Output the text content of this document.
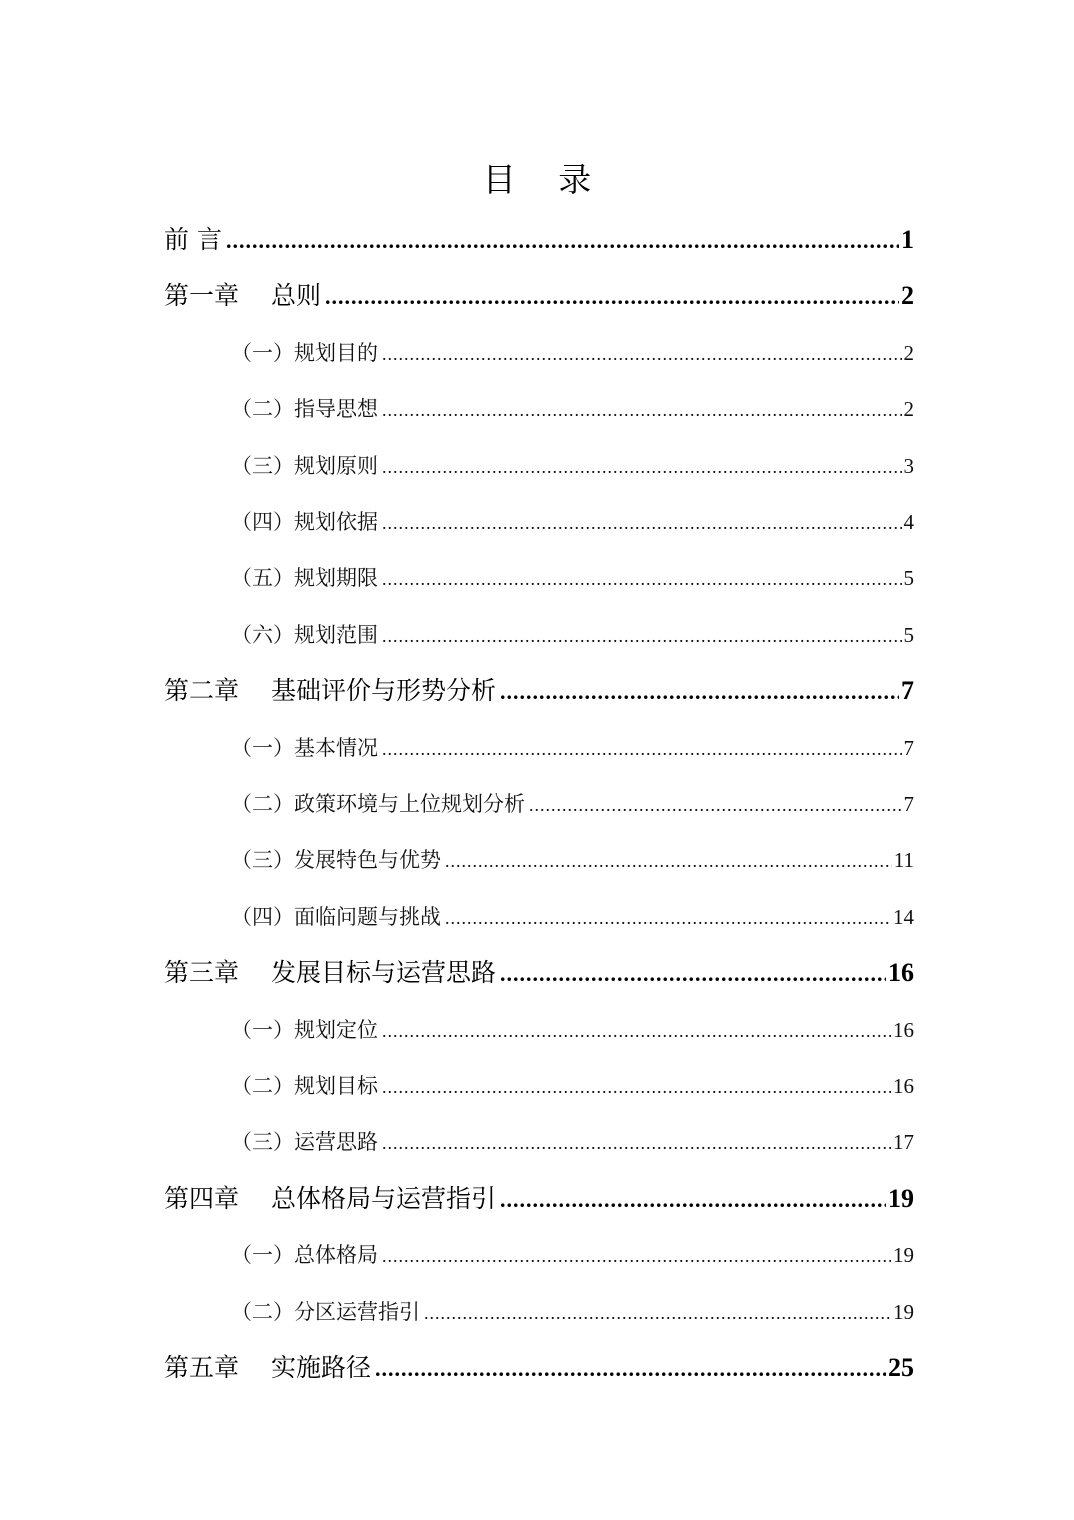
目 录
前 言 .....	1
第一章 总则 .....	2
（一）规划目的 .....	2
（二）指导思想 .....	2
（三）规划原则 .....	3
（四）规划依据 .....	4
（五）规划期限 .....	5
（六）规划范围 .....	5
第二章 基础评价与形势分析 .....	7
（一）基本情况 .....	7
（二）政策环境与上位规划分析 .....	7
（三）发展特色与优势 .....	11
（四）面临问题与挑战 .....	14
第三章 发展目标与运营思路 .....	16
（一）规划定位 .....	16
（二）规划目标 .....	16
（三）运营思路 .....	17
第四章 总体格局与运营指引 .....	19
（一）总体格局 .....	19
（二）分区运营指引 .....	19
第五章 实施路径 .....	25
